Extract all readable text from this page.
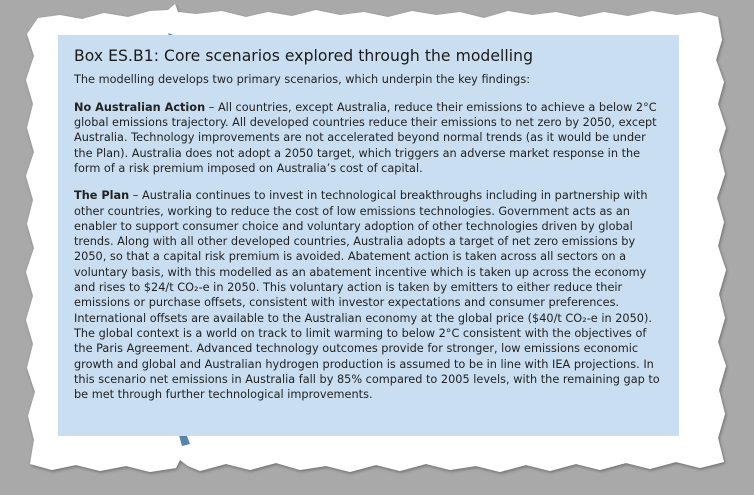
Box ES.B1: Core scenarios explored through the modelling

The modelling develops two primary scenarios, which underpin the key findings:

No Australian Action – All countries, except Australia, reduce their emissions to achieve a below 2°C
global emissions trajectory. All developed countries reduce their emissions to net zero by 2050, except
Australia. Technology improvements are not accelerated beyond normal trends (as it would be under
the Plan). Australia does not adopt a 2050 target, which triggers an adverse market response in the
form of a risk premium imposed on Australia’s cost of capital.
The Plan – Australia continues to invest in technological breakthroughs including in partnership with
other countries, working to reduce the cost of low emissions technologies. Government acts as an
enabler to support consumer choice and voluntary adoption of other technologies driven by global
trends. Along with all other developed countries, Australia adopts a target of net zero emissions by
2050, so that a capital risk premium is avoided. Abatement action is taken across all sectors on a
voluntary basis, with this modelled as an abatement incentive which is taken up across the economy
and rises to $24/t CO₂-e in 2050. This voluntary action is taken by emitters to either reduce their
emissions or purchase offsets, consistent with investor expectations and consumer preferences.
International offsets are available to the Australian economy at the global price ($40/t CO₂-e in 2050).
The global context is a world on track to limit warming to below 2°C consistent with the objectives of
the Paris Agreement. Advanced technology outcomes provide for stronger, low emissions economic
growth and global and Australian hydrogen production is assumed to be in line with IEA projections. In
this scenario net emissions in Australia fall by 85% compared to 2005 levels, with the remaining gap to
be met through further technological improvements.
